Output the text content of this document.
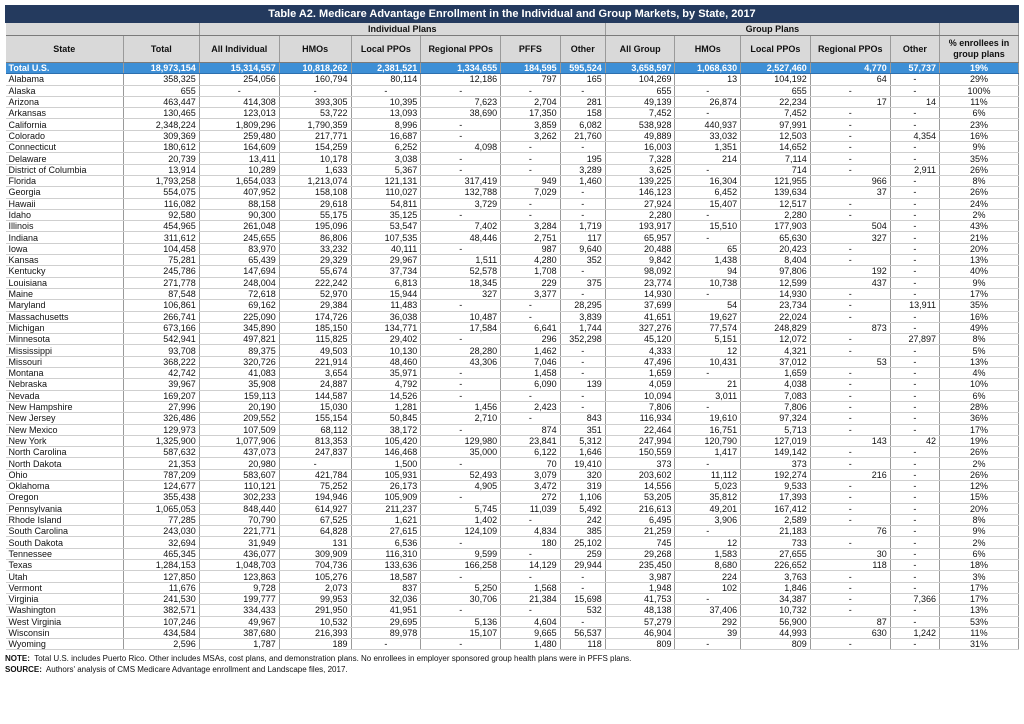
Table A2. Medicare Advantage Enrollment in the Individual and Group Markets, by State, 2017													
		Individual Plans						Group Plans					
State	Total	All Individual	HMOs	Local PPOs	Regional PPOs	PFFS	Other	All Group	HMOs	Local PPOs	Regional PPOs	Other	% enrollees in group plans
Total U.S.	18,973,154	15,314,557	10,818,262	2,381,521	1,334,655	184,595	595,524	3,658,597	1,068,630	2,527,460	4,770	57,737	19%
Alabama	358,325	254,056	160,794	80,114	12,186	797	165	104,269	13	104,192	64	-	29%
Alaska	655	-	-	-	-	-	-	655	-	655	-	-	100%
Arizona	463,447	414,308	393,305	10,395	7,623	2,704	281	49,139	26,874	22,234	17	14	11%
Arkansas	130,465	123,013	53,722	13,093	38,690	17,350	158	7,452	-	7,452	-	-	6%
California	2,348,224	1,809,296	1,790,359	8,996	-	3,859	6,082	538,928	440,937	97,991	-	-	23%
Colorado	309,369	259,480	217,771	16,687	-	3,262	21,760	49,889	33,032	12,503	-	4,354	16%
Connecticut	180,612	164,609	154,259	6,252	4,098	-	-	16,003	1,351	14,652	-	-	9%
Delaware	20,739	13,411	10,178	3,038	-	-	195	7,328	214	7,114	-	-	35%
District of Columbia	13,914	10,289	1,633	5,367	-	-	3,289	3,625	-	714	-	2,911	26%
Florida	1,793,258	1,654,033	1,213,074	121,131	317,419	949	1,460	139,225	16,304	121,955	966	-	8%
Georgia	554,075	407,952	158,108	110,027	132,788	7,029	-	146,123	6,452	139,634	37	-	26%
Hawaii	116,082	88,158	29,618	54,811	3,729	-	-	27,924	15,407	12,517	-	-	24%
Idaho	92,580	90,300	55,175	35,125	-	-	-	2,280	-	2,280	-	-	2%
Illinois	454,965	261,048	195,096	53,547	7,402	3,284	1,719	193,917	15,510	177,903	504	-	43%
Indiana	311,612	245,655	86,806	107,535	48,446	2,751	117	65,957	-	65,630	327	-	21%
Iowa	104,458	83,970	33,232	40,111	-	987	9,640	20,488	65	20,423	-	-	20%
Kansas	75,281	65,439	29,329	29,967	1,511	4,280	352	9,842	1,438	8,404	-	-	13%
Kentucky	245,786	147,694	55,674	37,734	52,578	1,708	-	98,092	94	97,806	192	-	40%
Louisiana	271,778	248,004	222,242	6,813	18,345	229	375	23,774	10,738	12,599	437	-	9%
Maine	87,548	72,618	52,970	15,944	327	3,377	-	14,930	-	14,930	-	-	17%
Maryland	106,861	69,162	29,384	11,483	-	-	28,295	37,699	54	23,734	-	13,911	35%
Massachusetts	266,741	225,090	174,726	36,038	10,487	-	3,839	41,651	19,627	22,024	-	-	16%
Michigan	673,166	345,890	185,150	134,771	17,584	6,641	1,744	327,276	77,574	248,829	873	-	49%
Minnesota	542,941	497,821	115,825	29,402	-	296	352,298	45,120	5,151	12,072	-	27,897	8%
Mississippi	93,708	89,375	49,503	10,130	28,280	1,462	-	4,333	12	4,321	-	-	5%
Missouri	368,222	320,726	221,914	48,460	43,306	7,046	-	47,496	10,431	37,012	53	-	13%
Montana	42,742	41,083	3,654	35,971	-	1,458	-	1,659	-	1,659	-	-	4%
Nebraska	39,967	35,908	24,887	4,792	-	6,090	139	4,059	21	4,038	-	-	10%
Nevada	169,207	159,113	144,587	14,526	-	-	-	10,094	3,011	7,083	-	-	6%
New Hampshire	27,996	20,190	15,030	1,281	1,456	2,423	-	7,806	-	7,806	-	-	28%
New Jersey	326,486	209,552	155,154	50,845	2,710	-	843	116,934	19,610	97,324	-	-	36%
New Mexico	129,973	107,509	68,112	38,172	-	874	351	22,464	16,751	5,713	-	-	17%
New York	1,325,900	1,077,906	813,353	105,420	129,980	23,841	5,312	247,994	120,790	127,019	143	42	19%
North Carolina	587,632	437,073	247,837	146,468	35,000	6,122	1,646	150,559	1,417	149,142	-	-	26%
North Dakota	21,353	20,980	-	1,500	-	70	19,410	373	-	373	-	-	2%
Ohio	787,209	583,607	421,784	105,931	52,493	3,079	320	203,602	11,112	192,274	216	-	26%
Oklahoma	124,677	110,121	75,252	26,173	4,905	3,472	319	14,556	5,023	9,533	-	-	12%
Oregon	355,438	302,233	194,946	105,909	-	272	1,106	53,205	35,812	17,393	-	-	15%
Pennsylvania	1,065,053	848,440	614,927	211,237	5,745	11,039	5,492	216,613	49,201	167,412	-	-	20%
Rhode Island	77,285	70,790	67,525	1,621	1,402	-	242	6,495	3,906	2,589	-	-	8%
South Carolina	243,030	221,771	64,828	27,615	124,109	4,834	385	21,259	-	21,183	76	-	9%
South Dakota	32,694	31,949	131	6,536	-	180	25,102	745	12	733	-	-	2%
Tennessee	465,345	436,077	309,909	116,310	9,599	-	259	29,268	1,583	27,655	30	-	6%
Texas	1,284,153	1,048,703	704,736	133,636	166,258	14,129	29,944	235,450	8,680	226,652	118	-	18%
Utah	127,850	123,863	105,276	18,587	-	-	-	3,987	224	3,763	-	-	3%
Vermont	11,676	9,728	2,073	837	5,250	1,568	-	1,948	102	1,846	-	-	17%
Virginia	241,530	199,777	99,953	32,036	30,706	21,384	15,698	41,753	-	34,387	-	7,366	17%
Washington	382,571	334,433	291,950	41,951	-	-	532	48,138	37,406	10,732	-	-	13%
West Virginia	107,246	49,967	10,532	29,695	5,136	4,604	-	57,279	292	56,900	87	-	53%
Wisconsin	434,584	387,680	216,393	89,978	15,107	9,665	56,537	46,904	39	44,993	630	1,242	11%
Wyoming	2,596	1,787	189	-	-	1,480	118	809	-	809	-	-	31%
NOTE: Total U.S. includes Puerto Rico. Other includes MSAs, cost plans, and demonstration plans. No enrollees in employer sponsored group health plans were in PFFS plans.
SOURCE: Authors' analysis of CMS Medicare Advantage enrollment and Landscape files, 2017.
